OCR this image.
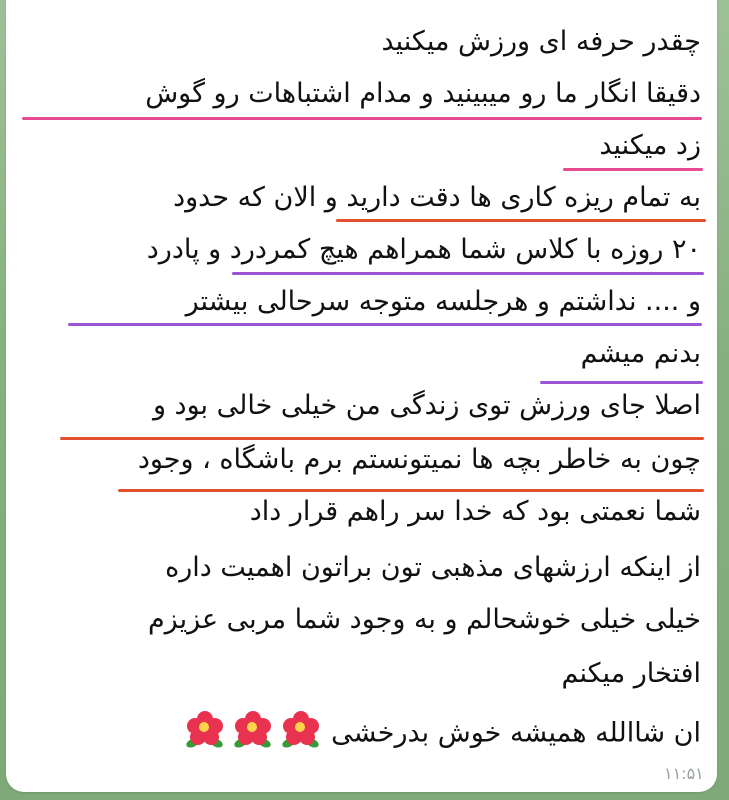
چقدر حرفه ای ورزش میکنید
دقیقا انگار ما رو میبینید و مدام اشتباهات رو گوش
زد میکنید
به تمام ریزه کاری ها دقت دارید و الان که حدود
۲۰ روزه با کلاس شما همراهم هیچ کمردرد و پادرد
و .... نداشتم و هرجلسه متوجه سرحالی بیشتر
بدنم میشم
اصلا جای ورزش توی زندگی من خیلی خالی بود و
چون به خاطر بچه ها نمیتونستم برم باشگاه ، وجود
شما نعمتی بود که خدا سر راهم قرار داد
از اینکه ارزشهای مذهبی تون براتون اهمیت داره
خیلی خیلی خوشحالم و به وجود شما مربی عزیزم
افتخار میکنم
ان شاالله همیشه خوش بدرخشی
۱۱:۵۱
